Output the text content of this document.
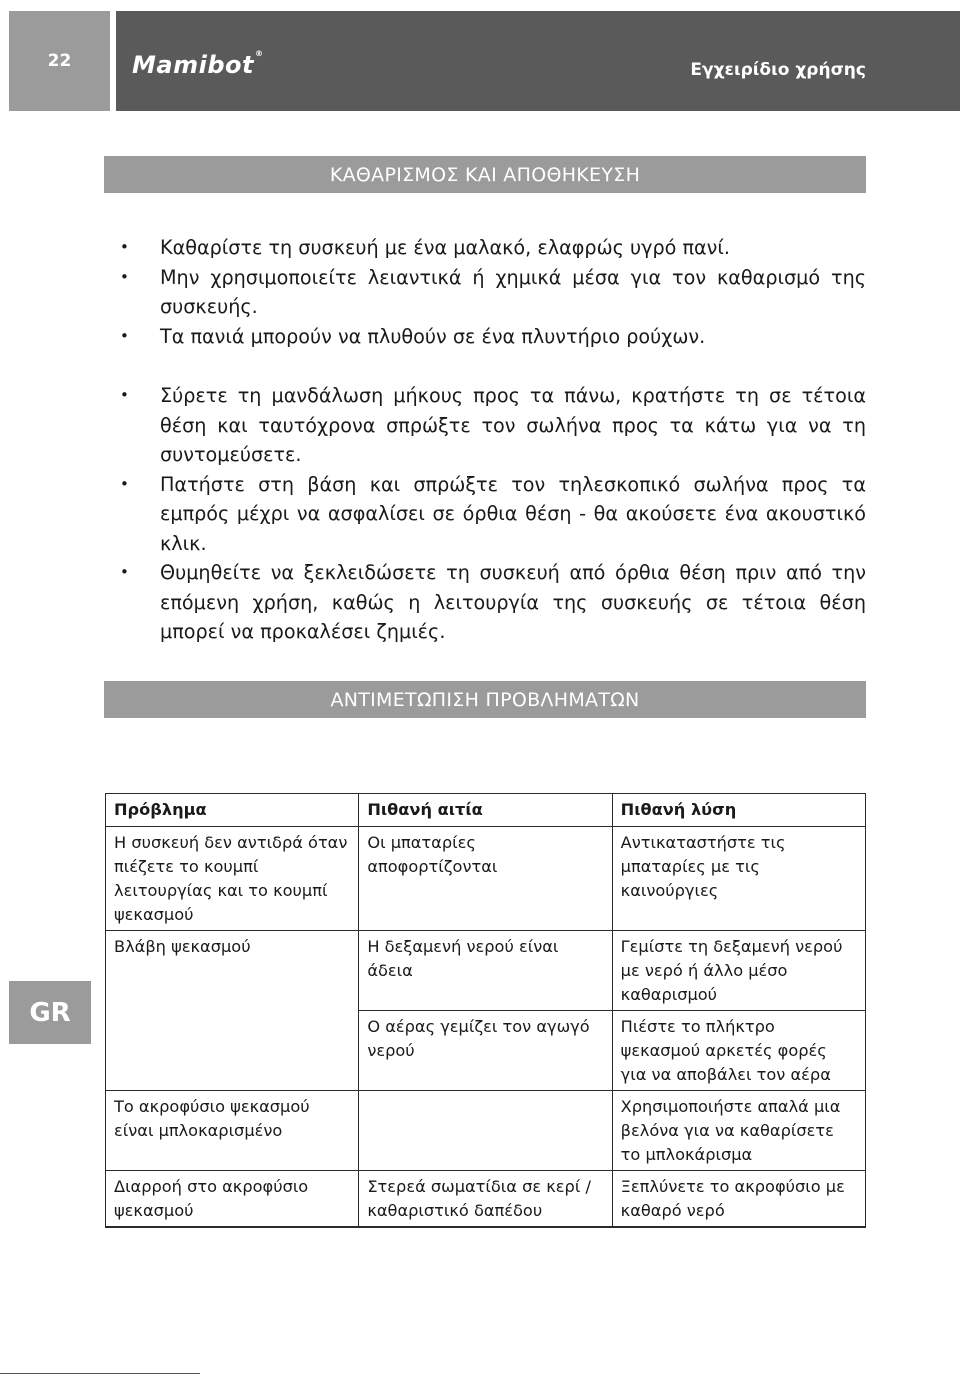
22	Mamibot®
Εγχειρίδιο χρήσης
ΚΑΘΑΡΙΣΜΟΣ ΚΑΙ ΑΠΟΘΗΚΕΥΣΗ
• Καθαρίστε τη συσκευή με ένα μαλακό, ελαφρώς υγρό πανί.
• Μην χρησιμοποιείτε λειαντικά ή χημικά μέσα για τον καθαρισμό της συσκευής.
• Τα πανιά μπορούν να πλυθούν σε ένα πλυντήριο ρούχων.
• Σύρετε τη μανδάλωση μήκους προς τα πάνω, κρατήστε τη σε τέτοια θέση και ταυτόχρονα σπρώξτε τον σωλήνα προς τα κάτω για να τη συντομεύσετε.
• Πατήστε στη βάση και σπρώξτε τον τηλεσκοπικό σωλήνα προς τα εμπρός μέχρι να ασφαλίσει σε όρθια θέση - θα ακούσετε ένα ακουστικό κλικ.
• Θυμηθείτε να ξεκλειδώσετε τη συσκευή από όρθια θέση πριν από την επόμενη χρήση, καθώς η λειτουργία της συσκευής σε τέτοια θέση μπορεί να προκαλέσει ζημιές.
ΑΝΤΙΜΕΤΩΠΙΣΗ ΠΡΟΒΛΗΜΑΤΩΝ
Πρόβλημα	Πιθανή αιτία	Πιθανή λύση
Η συσκευή δεν αντιδρά όταν πιέζετε το κουμπί λειτουργίας και το κουμπί ψεκασμού	Οι μπαταρίες αποφορτίζονται	Αντικαταστήστε τις μπαταρίες με τις καινούργιες
Βλάβη ψεκασμού	Η δεξαμενή νερού είναι άδεια	Γεμίστε τη δεξαμενή νερού με νερό ή άλλο μέσο καθαρισμού
	Ο αέρας γεμίζει τον αγωγό νερού	Πιέστε το πλήκτρο ψεκασμού αρκετές φορές για να αποβάλει τον αέρα
Το ακροφύσιο ψεκασμού είναι μπλοκαρισμένο		Χρησιμοποιήστε απαλά μια βελόνα για να καθαρίσετε το μπλοκάρισμα
Διαρροή στο ακροφύσιο ψεκασμού	Στερεά σωματίδια σε κερί / καθαριστικό δαπέδου	Ξεπλύνετε το ακροφύσιο με καθαρό νερό
GR
